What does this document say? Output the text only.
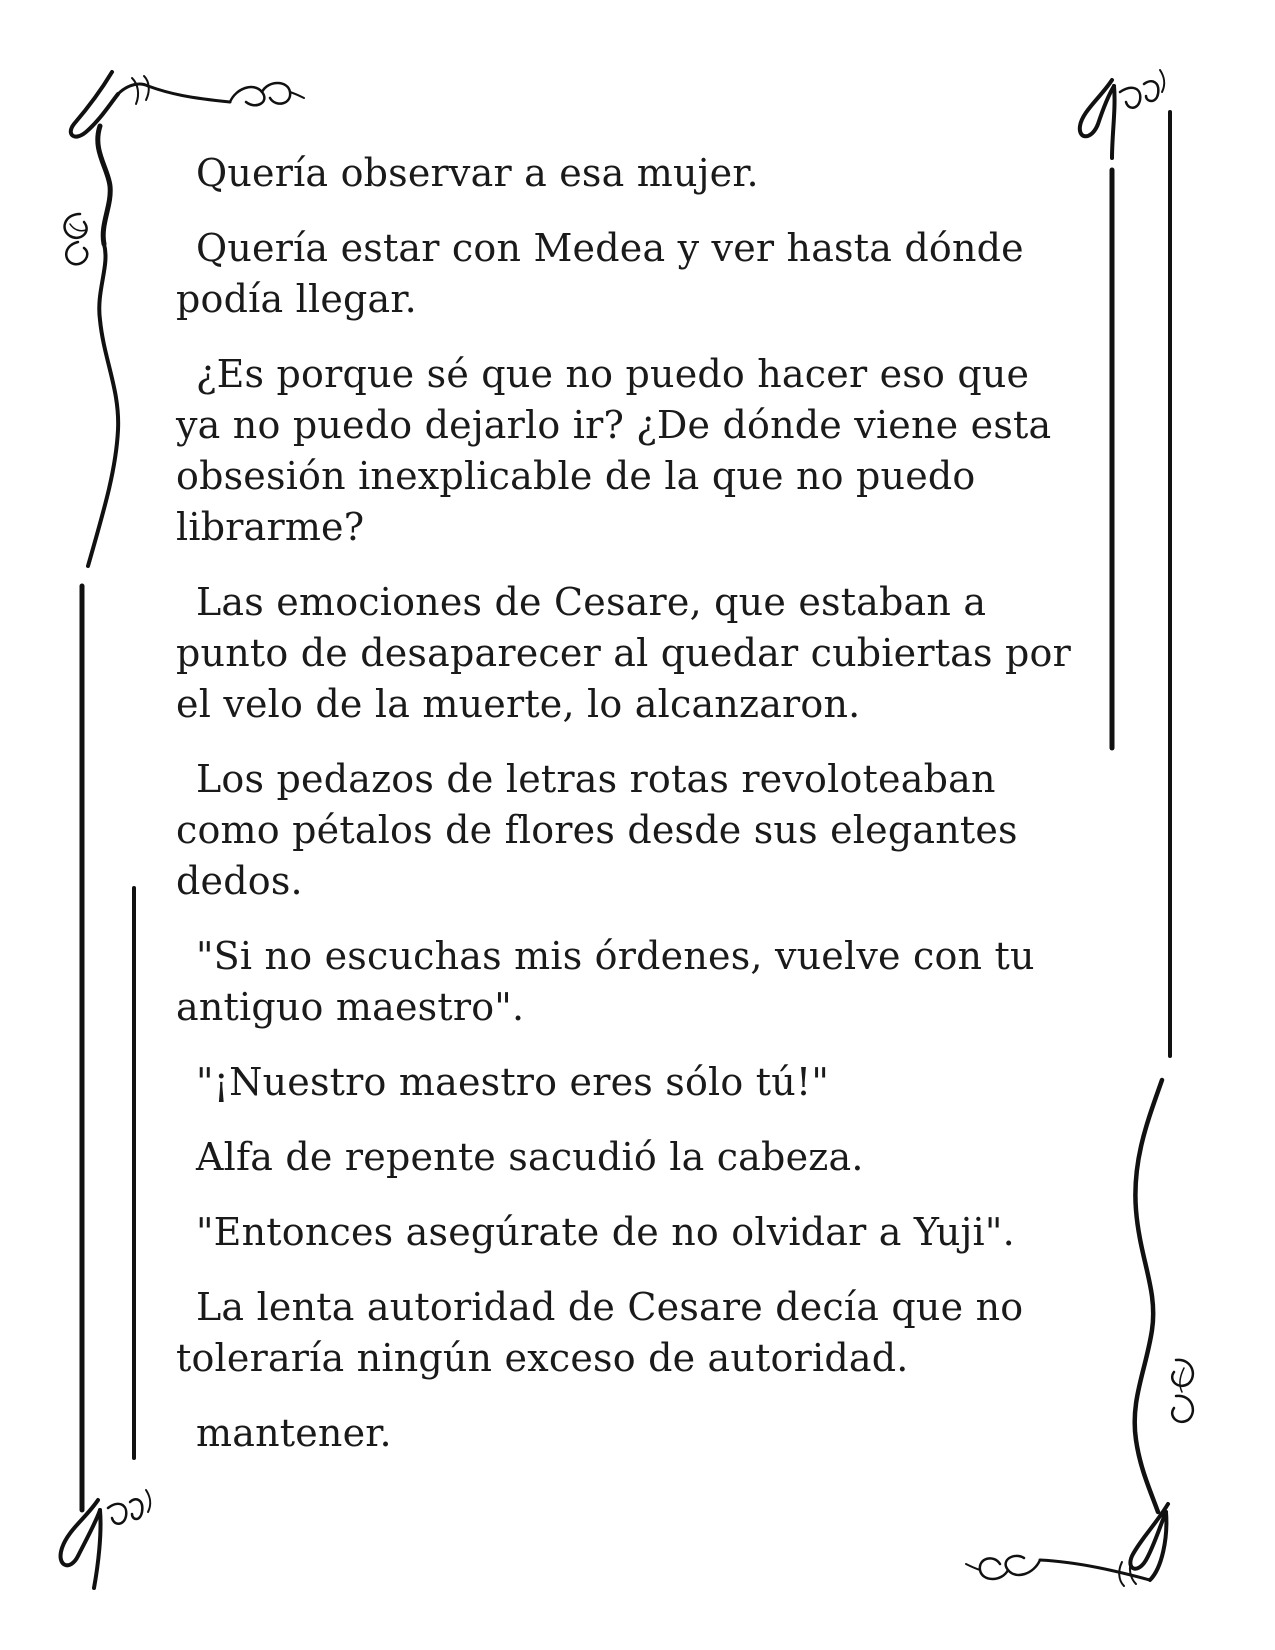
Quería observar a esa mujer.

Quería estar con Medea y ver hasta dónde podía llegar.

¿Es porque sé que no puedo hacer eso que ya no puedo dejarlo ir? ¿De dónde viene esta obsesión inexplicable de la que no puedo librarme?

Las emociones de Cesare, que estaban a punto de desaparecer al quedar cubiertas por el velo de la muerte, lo alcanzaron.

Los pedazos de letras rotas revoloteaban como pétalos de flores desde sus elegantes dedos.

"Si no escuchas mis órdenes, vuelve con tu antiguo maestro".

"¡Nuestro maestro eres sólo tú!"

Alfa de repente sacudió la cabeza.

"Entonces asegúrate de no olvidar a Yuji".

La lenta autoridad de Cesare decía que no toleraría ningún exceso de autoridad.

mantener.
